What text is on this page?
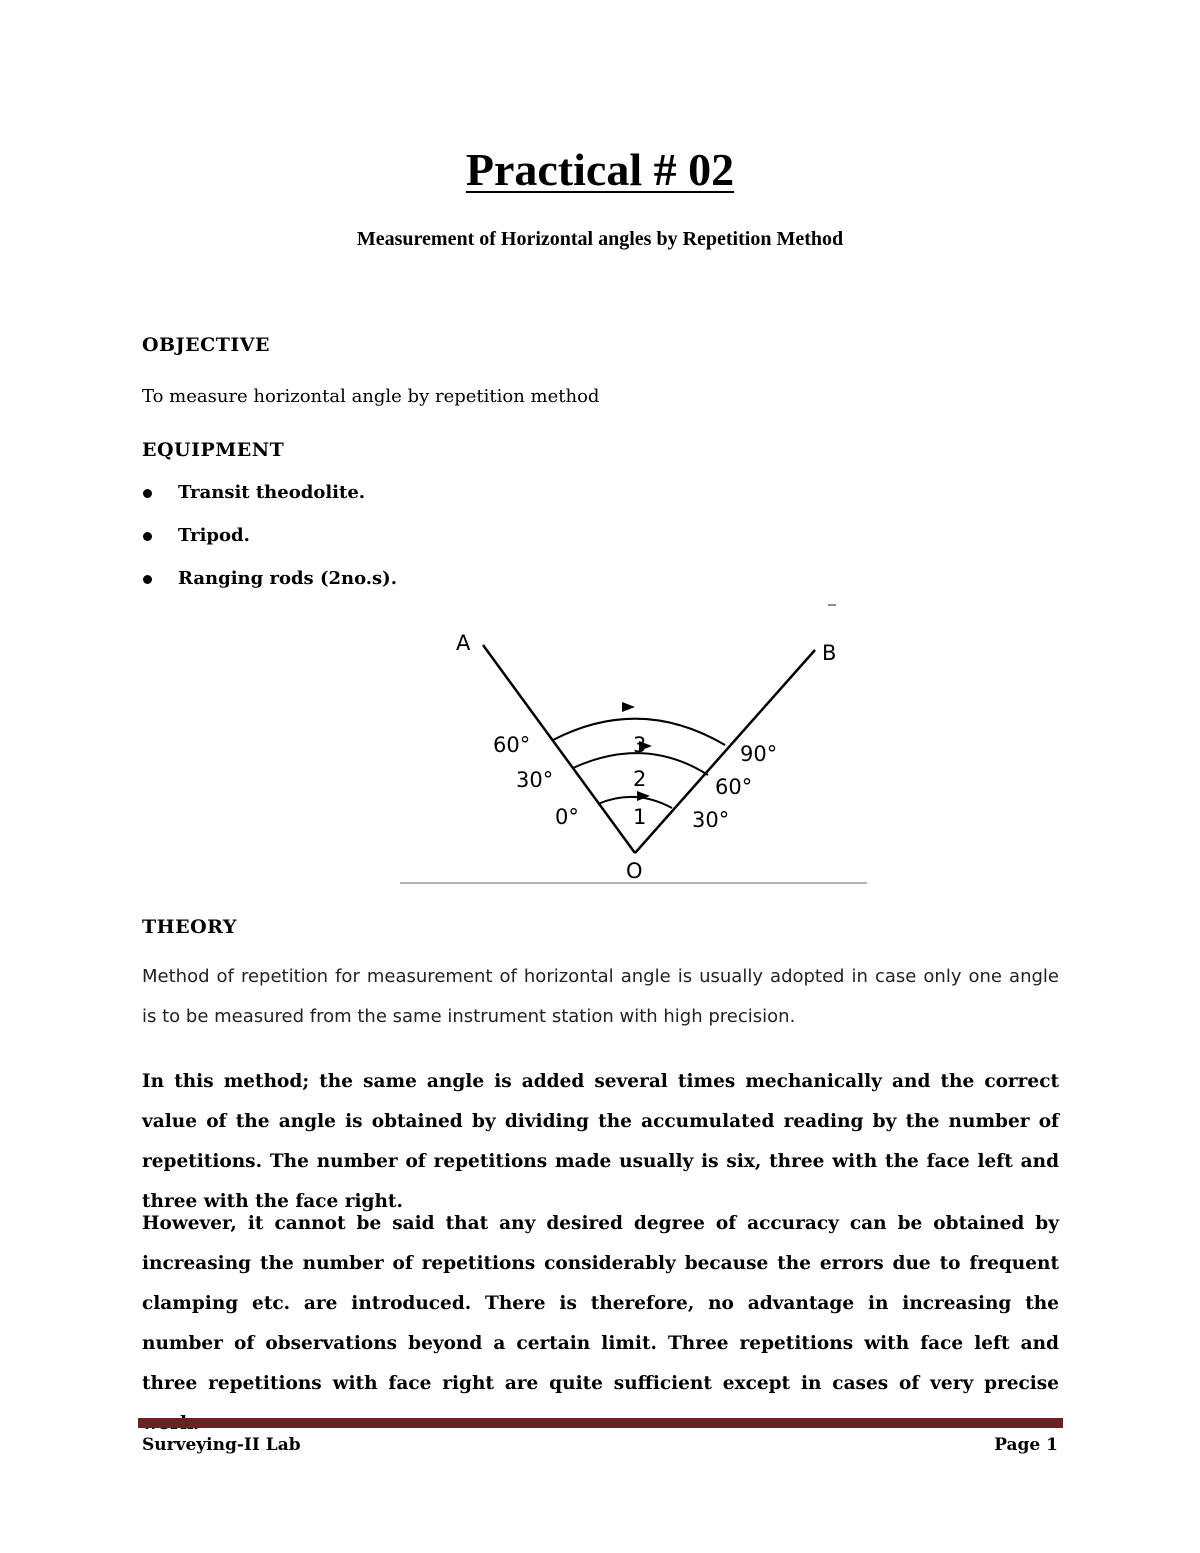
Practical # 02
Measurement of Horizontal angles by Repetition Method
OBJECTIVE
To measure horizontal angle by repetition method
EQUIPMENT
Transit theodolite.
Tripod.
Ranging rods (2no.s).
A	B
O
60°
30°
0°
90°
60°
30°
3
2
1
THEORY

Method of repetition for measurement of horizontal angle is usually adopted in case only one angle is to be measured from the same instrument station with high precision.

In this method; the same angle is added several times mechanically and the correct value of the angle is obtained by dividing the accumulated reading by the number of repetitions. The number of repetitions made usually is six, three with the face left and three with the face right.

However, it cannot be said that any desired degree of accuracy can be obtained by increasing the number of repetitions considerably because the errors due to frequent clamping etc. are introduced. There is therefore, no advantage in increasing the number of observations beyond a certain limit. Three repetitions with face left and three repetitions with face right are quite sufficient except in cases of very precise

Surveying-II Lab	Page 1
